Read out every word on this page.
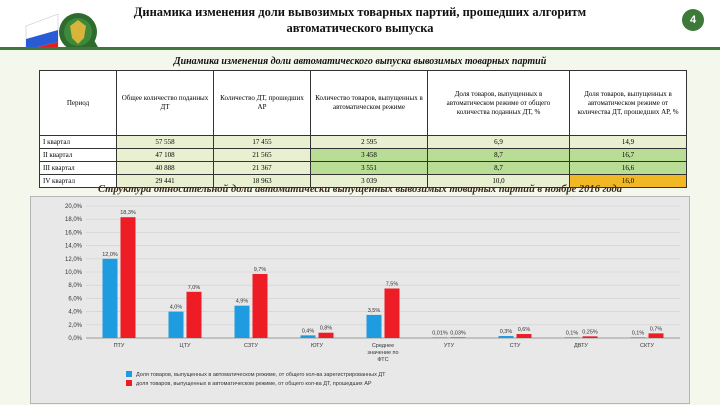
Динамика изменения доли вывозимых товарных партий, прошедших алгоритм
автоматического выпуска
4
Динамика изменения доли автоматического выпуска вывозимых товарных партий
Период	Общее количество поданных ДТ	Количество ДТ, прошедших АР	Количество товаров, выпущенных в автоматическом режиме	Доля товаров, выпущенных в автоматическом режиме от общего количества поданных ДТ, %	Доля товаров, выпущенных в автоматическом режиме от количества ДТ, прошедших АР, %
I квартал	57 558	17 455	2 595	6,9	14,9
II квартал	47 108	21 565	3 458	8,7	16,7
III квартал	40 888	21 367	3 551	8,7	16,6
IV квартал	29 441	18 963	3 039	10,0	16,0
Структура относительной доли автоматически выпущенных вывозимых товарных партий в ноябре 2016 года
0,0%
2,0%
4,0%
6,0%
8,0%
10,0%
12,0%
14,0%
16,0%
18,0%
20,0%
12,0%
18,3%
ПТУ
4,0%
7,0%
ЦТУ
4,9%
9,7%
СЗТУ
0,4% 0,8%
ЮТУ
3,5%
7,5%
Среднее
значение по
ФТС
0,01% 0,03%
УТУ
0,3% 0,6%
СТУ
0,1% 0,25%
ДВТУ
0,1%
0,7%
СКТУ
Доля товаров, выпущенных в автоматическом режиме, от общего кол-ва зарегистрированных ДТ
доля товаров, выпущенных в автоматическом режиме, от общего кол-ва ДТ, прошедших АР
